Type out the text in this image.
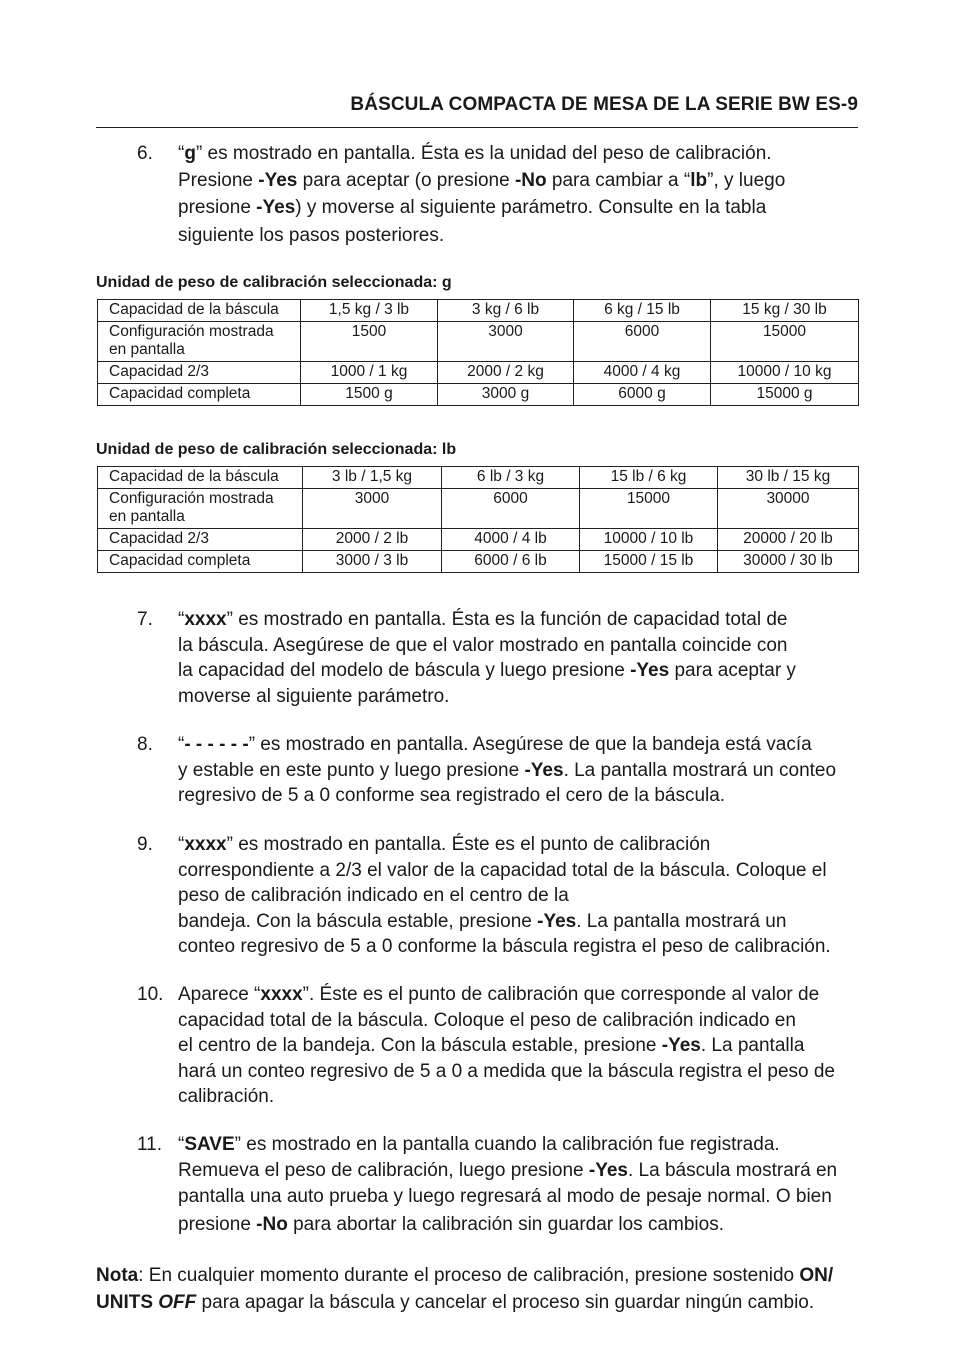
BÁSCULA COMPACTA DE MESA DE LA SERIE BW ES-9
6. “g” es mostrado en pantalla. Ésta es la unidad del peso de calibración.
Presione -Yes para aceptar (o presione -No para cambiar a “lb”, y luego
presione -Yes) y moverse al siguiente parámetro. Consulte en la tabla
siguiente los pasos posteriores.
Unidad de peso de calibración seleccionada: g
Capacidad de la báscula	1,5 kg / 3 lb	3 kg / 6 lb	6 kg / 15 lb	15 kg / 30 lb
Configuración mostrada
en pantalla	1500	3000	6000	15000
Capacidad 2/3	1000 / 1 kg	2000 / 2 kg	4000 / 4 kg	10000 / 10 kg
Capacidad completa	1500 g	3000 g	6000 g	15000 g
Unidad de peso de calibración seleccionada: lb
Capacidad de la báscula	3 lb / 1,5 kg	6 lb / 3 kg	15 lb / 6 kg	30 lb / 15 kg
Configuración mostrada
en pantalla	3000	6000	15000	30000
Capacidad 2/3	2000 / 2 lb	4000 / 4 lb	10000 / 10 lb	20000 / 20 lb
Capacidad completa	3000 / 3 lb	6000 / 6 lb	15000 / 15 lb	30000 / 30 lb
7. “xxxx” es mostrado en pantalla. Ésta es la función de capacidad total de
la báscula. Asegúrese de que el valor mostrado en pantalla coincide con
la capacidad del modelo de báscula y luego presione -Yes para aceptar y
moverse al siguiente parámetro.
8. “- - - - - -” es mostrado en pantalla. Asegúrese de que la bandeja está vacía
y estable en este punto y luego presione -Yes. La pantalla mostrará un conteo
regresivo de 5 a 0 conforme sea registrado el cero de la báscula.
9. “xxxx” es mostrado en pantalla. Éste es el punto de calibración
correspondiente a 2/3 el valor de la capacidad total de la báscula. Coloque el
peso de calibración indicado en el centro de la
bandeja. Con la báscula estable, presione -Yes. La pantalla mostrará un
conteo regresivo de 5 a 0 conforme la báscula registra el peso de calibración.
10. Aparece “xxxx”. Éste es el punto de calibración que corresponde al valor de
capacidad total de la báscula. Coloque el peso de calibración indicado en
el centro de la bandeja. Con la báscula estable, presione -Yes. La pantalla
hará un conteo regresivo de 5 a 0 a medida que la báscula registra el peso de
calibración.
11. “SAVE” es mostrado en la pantalla cuando la calibración fue registrada.
Remueva el peso de calibración, luego presione -Yes. La báscula mostrará en
pantalla una auto prueba y luego regresará al modo de pesaje normal. O bien
presione -No para abortar la calibración sin guardar los cambios.
Nota: En cualquier momento durante el proceso de calibración, presione sostenido ON/
UNITS OFF para apagar la báscula y cancelar el proceso sin guardar ningún cambio.
